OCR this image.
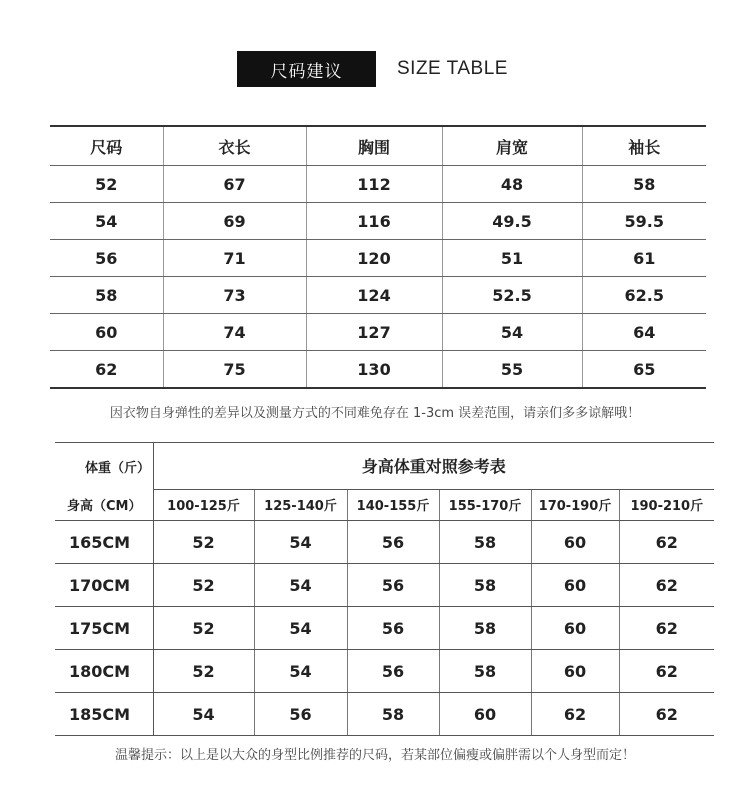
尺码建议	SIZE TABLE
尺码	衣长	胸围	肩宽	袖长
52	67	112	48	58
54	69	116	49.5	59.5
56	71	120	51	61
58	73	124	52.5	62.5
60	74	127	54	64
62	75	130	55	65
因衣物自身弹性的差异以及测量方式的不同难免存在 1-3cm 误差范围，请亲们多多谅解哦！
体重（斤）	身高体重对照参考表					
身高（CM）	100-125斤	125-140斤	140-155斤	155-170斤	170-190斤	190-210斤
165CM	52	54	56	58	60	62
170CM	52	54	56	58	60	62
175CM	52	54	56	58	60	62
180CM	52	54	56	58	60	62
185CM	54	56	58	60	62	62
温馨提示：以上是以大众的身型比例推荐的尺码，若某部位偏瘦或偏胖需以个人身型而定！
